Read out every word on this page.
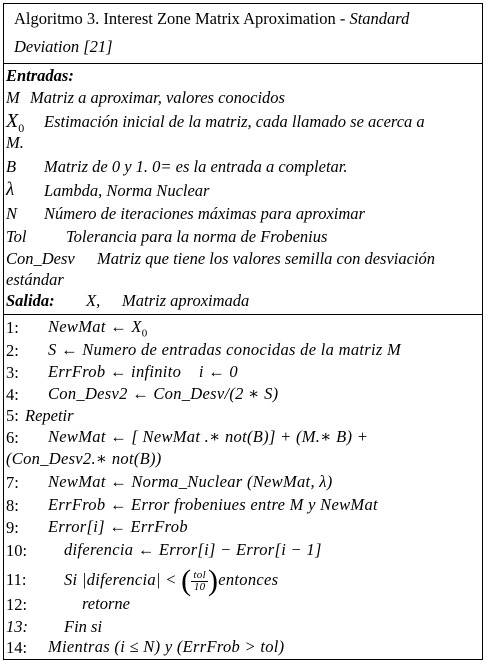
Algoritmo 3. Interest Zone Matrix Aproximation - Standard
Deviation [21]
Entradas:
M Matriz a aproximar, valores conocidos
$X_0$ Estimación inicial de la matriz, cada llamado se acerca a
M.
B Matriz de 0 y 1. 0= es la entrada a completar.
λ Lambda, Norma Nuclear
N Número de iteraciones máximas para aproximar
Tol Tolerancia para la norma de Frobenius
Con_Desv Matriz que tiene los valores semilla con desviación
estándar
Salida: X, Matriz aproximada
1: NewMat ← $X_0$
2: S ← Numero de entradas conocidas de la matriz M
3: ErrFrob ← infinito    i ← 0
4: Con_Desv2 ← Con_Desv/(2 ∗ S)
5: Repetir
6: NewMat ← [ NewMat .∗ not(B)] + (M.∗ B) +
(Con_Desv2.∗ not(B))
7: NewMat ← Norma_Nuclear (NewMat, λ)
8: ErrFrob ← Error frobeniues entre M y NewMat
9: Error[i] ← ErrFrob
10: diferencia ← Error[i] − Error[i − 1]
11: Si |diferencia| < ( $\frac{\text{tol}}{10}$ )entonces
12:	retorne
13: Fin si
14: Mientras (i ≤ N) y (ErrFrob > tol)
